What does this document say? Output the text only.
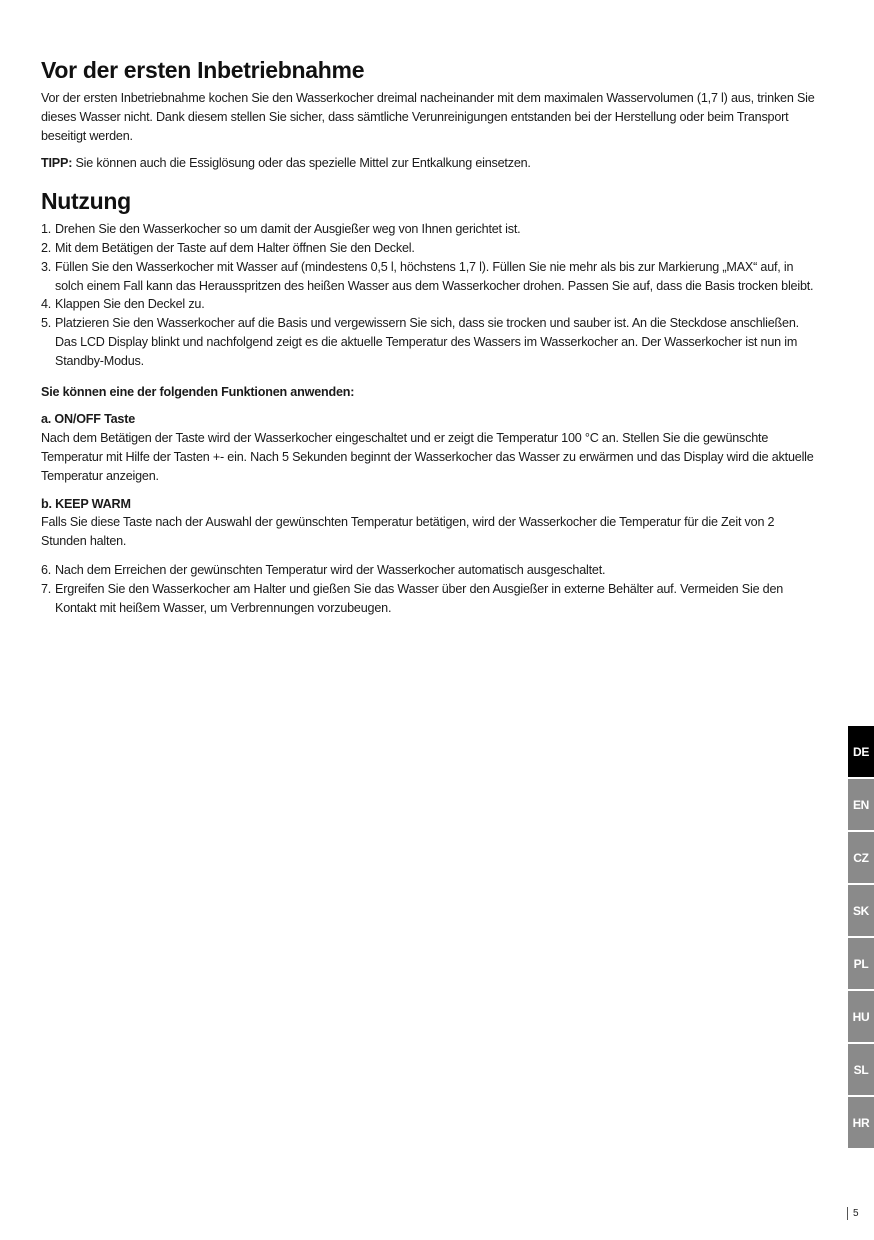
Vor der ersten Inbetriebnahme

Vor der ersten Inbetriebnahme kochen Sie den Wasserkocher dreimal nacheinander mit dem maximalen Wasservolumen (1,7 l) aus, trinken Sie dieses Wasser nicht. Dank diesem stellen Sie sicher, dass sämtliche Verunreinigungen entstanden bei der Herstellung oder beim Transport beseitigt werden.

TIPP: Sie können auch die Essiglösung oder das spezielle Mittel zur Entkalkung einsetzen.

Nutzung
1. Drehen Sie den Wasserkocher so um damit der Ausgießer weg von Ihnen gerichtet ist.
2. Mit dem Betätigen der Taste auf dem Halter öffnen Sie den Deckel.
3. Füllen Sie den Wasserkocher mit Wasser auf (mindestens 0,5 l, höchstens 1,7 l). Füllen Sie nie mehr als bis zur Markierung „MAX“ auf, in solch einem Fall kann das Herausspritzen des heißen Wasser aus dem Wasserkocher drohen. Passen Sie auf, dass die Basis trocken bleibt.
4. Klappen Sie den Deckel zu.
5. Platzieren Sie den Wasserkocher auf die Basis und vergewissern Sie sich, dass sie trocken und sauber ist. An die Steckdose anschließen. Das LCD Display blinkt und nachfolgend zeigt es die aktuelle Temperatur des Wassers im Wasserkocher an. Der Wasserkocher ist nun im Standby-Modus.

Sie können eine der folgenden Funktionen anwenden:

a. ON/OFF Taste
Nach dem Betätigen der Taste wird der Wasserkocher eingeschaltet und er zeigt die Temperatur 100 °C an. Stellen Sie die gewünschte Temperatur mit Hilfe der Tasten +- ein. Nach 5 Sekunden beginnt der Wasserkocher das Wasser zu erwärmen und das Display wird die aktuelle Temperatur anzeigen.

b. KEEP WARM
Falls Sie diese Taste nach der Auswahl der gewünschten Temperatur betätigen, wird der Wasserkocher die Temperatur für die Zeit von 2 Stunden halten.

6. Nach dem Erreichen der gewünschten Temperatur wird der Wasserkocher automatisch ausgeschaltet.
7. Ergreifen Sie den Wasserkocher am Halter und gießen Sie das Wasser über den Ausgießer in externe Behälter auf. Vermeiden Sie den Kontakt mit heißem Wasser, um Verbrennungen vorzubeugen.
DE
EN
CZ
SK
PL
HU
SL
HR
5
